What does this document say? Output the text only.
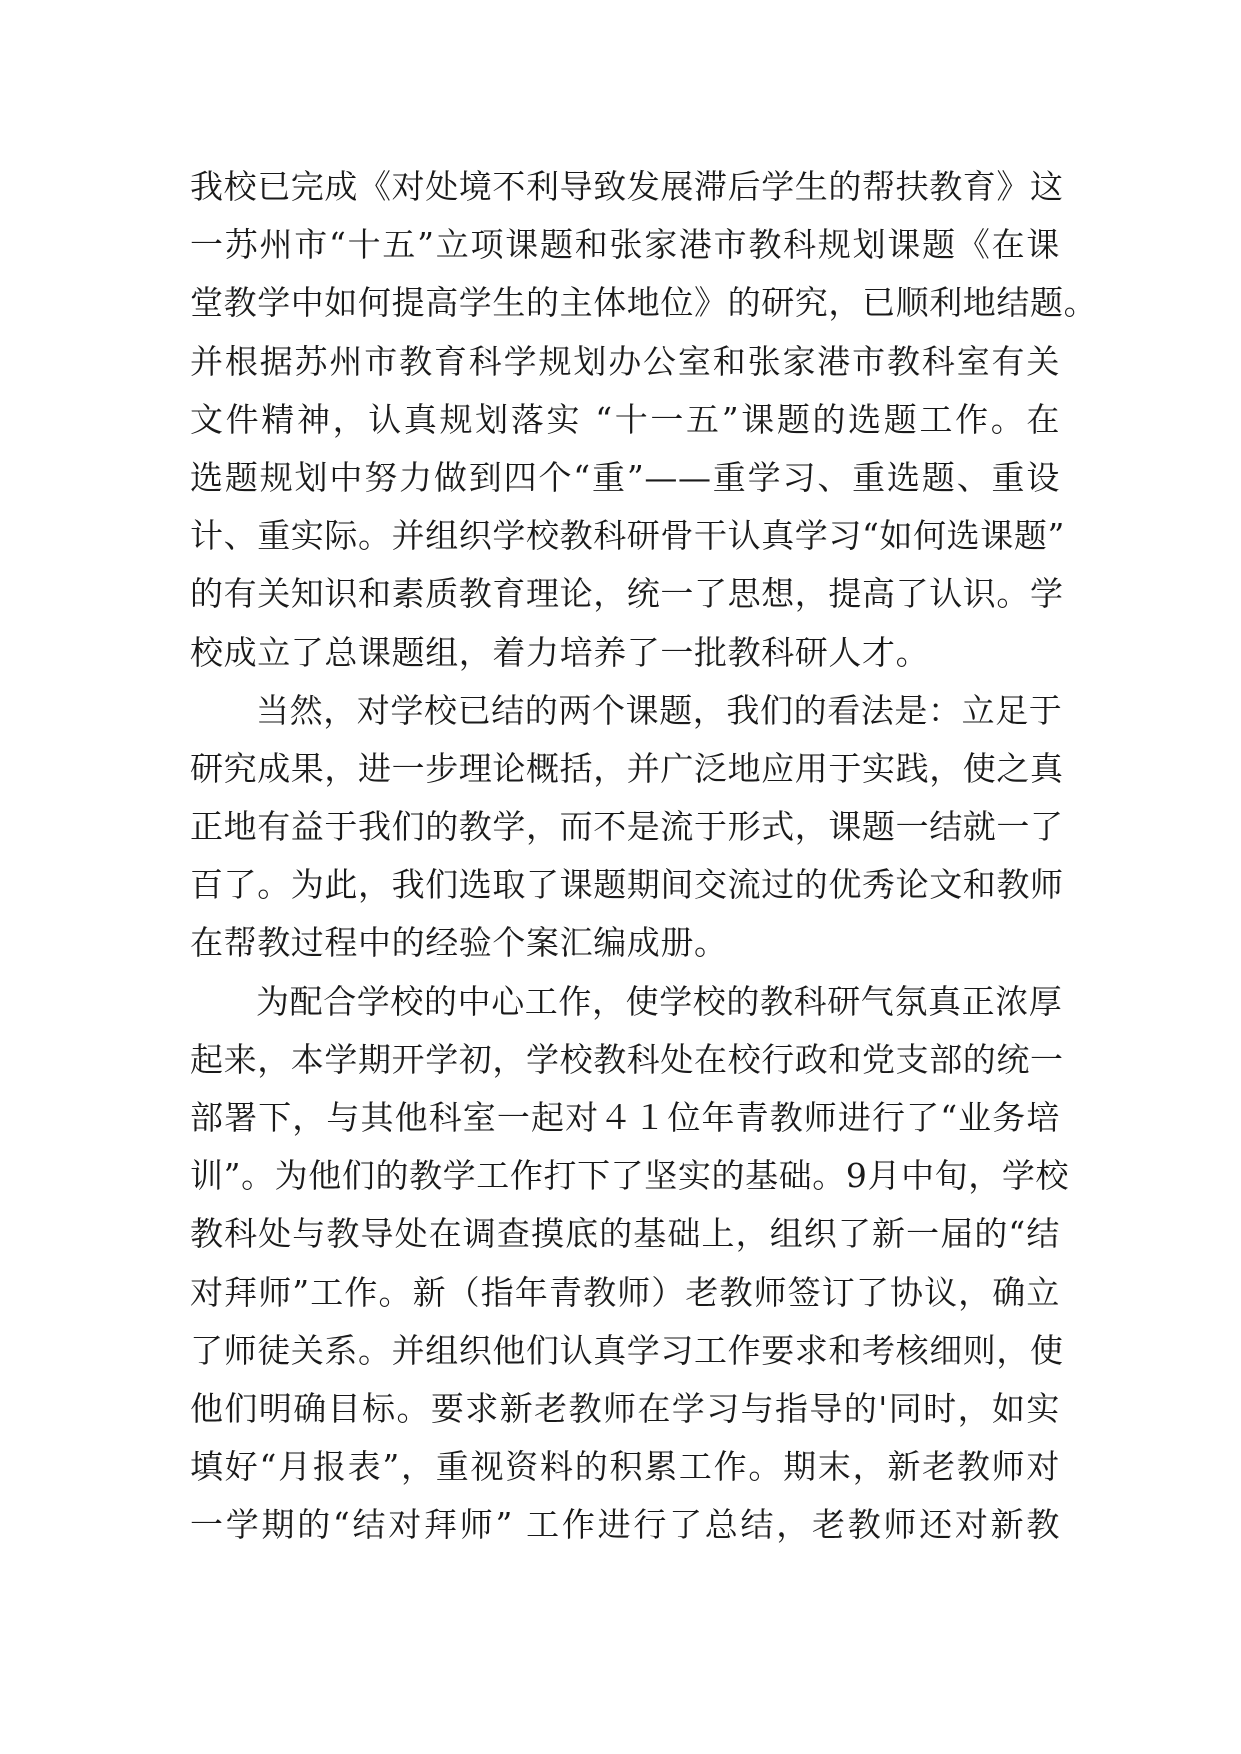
我校已完成《对处境不利导致发展滞后学生的帮扶教育》这
一苏州市“十五”立项课题和张家港市教科规划课题《在课
堂教学中如何提高学生的主体地位》的研究，已顺利地结题。
并根据苏州市教育科学规划办公室和张家港市教科室有关
文件精神，认真规划落实 “十一五”课题的选题工作。在
选题规划中努力做到四个“重”——重学习、重选题、重设
计、重实际。并组织学校教科研骨干认真学习“如何选课题”
的有关知识和素质教育理论，统一了思想，提高了认识。学
校成立了总课题组，着力培养了一批教科研人才。
当然，对学校已结的两个课题，我们的看法是：立足于
研究成果，进一步理论概括，并广泛地应用于实践，使之真
正地有益于我们的教学，而不是流于形式，课题一结就一了
百了。为此，我们选取了课题期间交流过的优秀论文和教师
在帮教过程中的经验个案汇编成册。
为配合学校的中心工作，使学校的教科研气氛真正浓厚
起来，本学期开学初，学校教科处在校行政和党支部的统一
部署下，与其他科室一起对４１位年青教师进行了“业务培
训”。为他们的教学工作打下了坚实的基础。9月中旬，学校
教科处与教导处在调查摸底的基础上，组织了新一届的“结
对拜师”工作。新（指年青教师）老教师签订了协议，确立
了师徒关系。并组织他们认真学习工作要求和考核细则，使
他们明确目标。要求新老教师在学习与指导的'同时，如实
填好“月报表”，重视资料的积累工作。期末，新老教师对
一学期的“结对拜师” 工作进行了总结，老教师还对新教
